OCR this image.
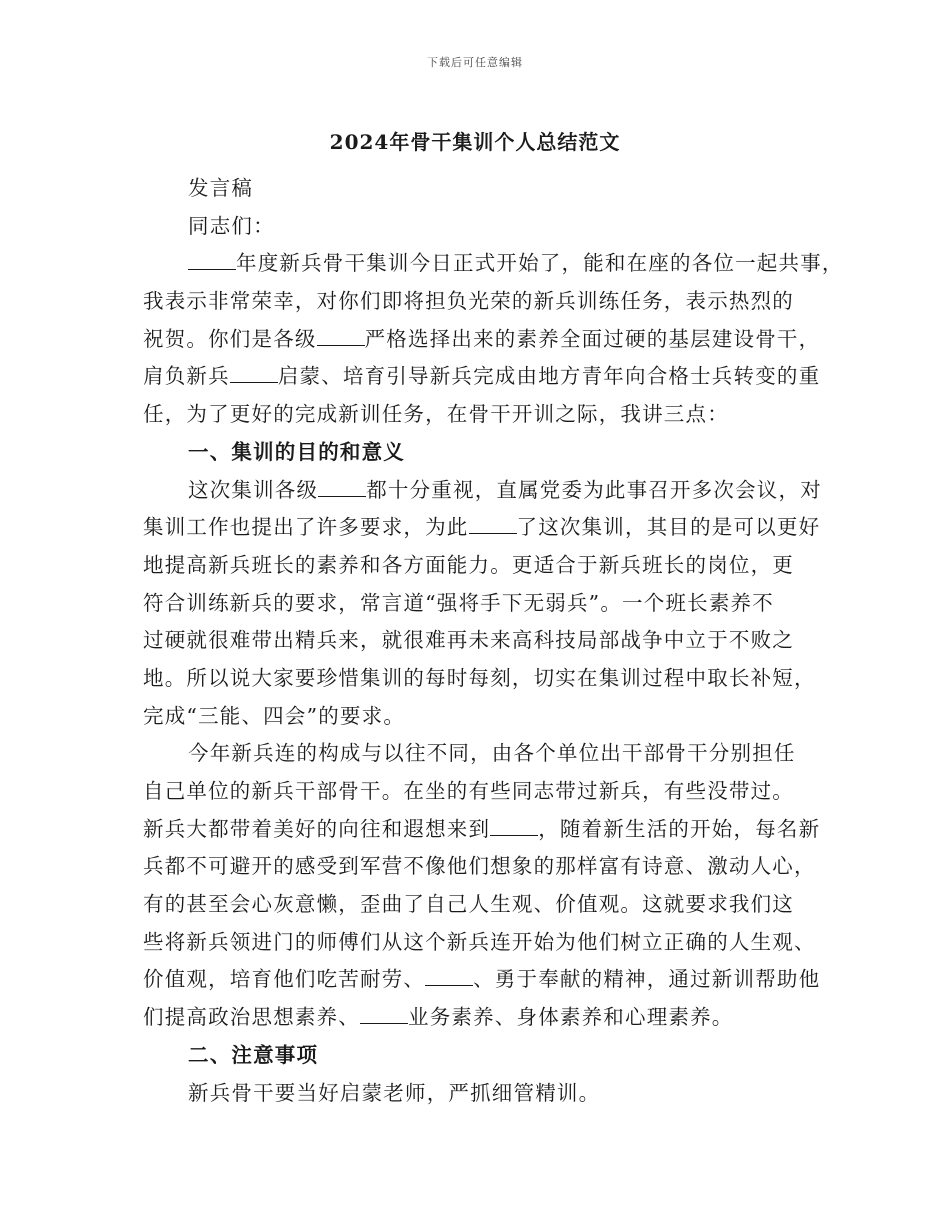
下载后可任意编辑
2024年骨干集训个人总结范文
发言稿
同志们：
年度新兵骨干集训今日正式开始了，能和在座的各位一起共事，
我表示非常荣幸，对你们即将担负光荣的新兵训练任务，表示热烈的
祝贺。你们是各级 严格选择出来的素养全面过硬的基层建设骨干，
肩负新兵 启蒙、培育引导新兵完成由地方青年向合格士兵转变的重
任，为了更好的完成新训任务，在骨干开训之际，我讲三点：
一、集训的目的和意义
这次集训各级 都十分重视，直属党委为此事召开多次会议，对
集训工作也提出了许多要求，为此 了这次集训，其目的是可以更好
地提高新兵班长的素养和各方面能力。更适合于新兵班长的岗位，更
符合训练新兵的要求，常言道“强将手下无弱兵”。一个班长素养不
过硬就很难带出精兵来，就很难再未来高科技局部战争中立于不败之
地。所以说大家要珍惜集训的每时每刻，切实在集训过程中取长补短，
完成“三能、四会”的要求。
今年新兵连的构成与以往不同，由各个单位出干部骨干分别担任
自己单位的新兵干部骨干。在坐的有些同志带过新兵，有些没带过。
新兵大都带着美好的向往和遐想来到 ，随着新生活的开始，每名新
兵都不可避开的感受到军营不像他们想象的那样富有诗意、激动人心，
有的甚至会心灰意懒，歪曲了自己人生观、价值观。这就要求我们这
些将新兵领进门的师傅们从这个新兵连开始为他们树立正确的人生观、
价值观，培育他们吃苦耐劳、 、勇于奉献的精神，通过新训帮助他
们提高政治思想素养、 业务素养、身体素养和心理素养。
二、注意事项
新兵骨干要当好启蒙老师，严抓细管精训。
